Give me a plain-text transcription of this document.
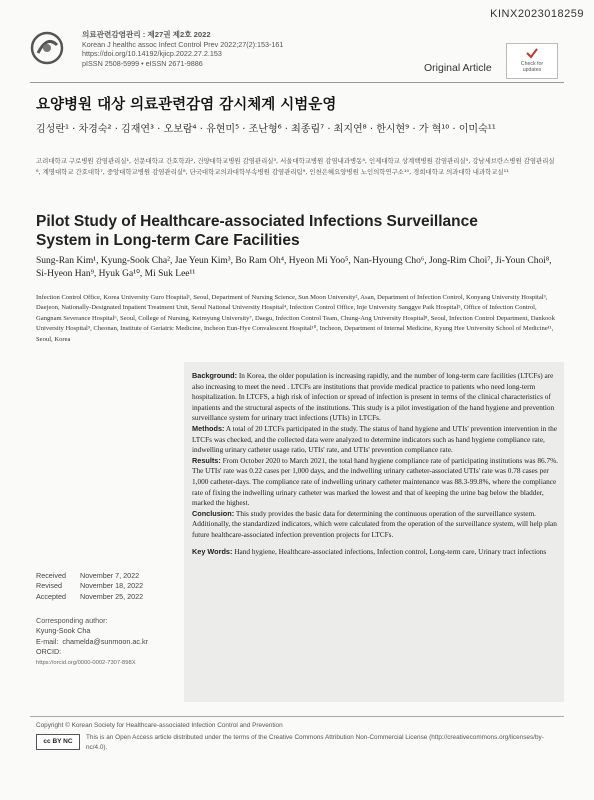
KINX2023018259
의료관련감염관리 : 제27권 제2호 2022
Korean J healthc assoc Infect Control Prev 2022;27(2):153-161
https://doi.org/10.14192/kjicp.2022.27.2.153
pISSN 2508-5999 • eISSN 2671-9886	Original Article	Check for
updates
요양병원 대상 의료관련감염 감시체계 시범운영
김성란¹ · 차경숙² · 김재연³ · 오보람⁴ · 유현미⁵ · 조난형⁶ · 최종림⁷ · 최지연⁸ · 한시현⁹ · 가 혁¹⁰ · 이미숙¹¹
고려대학교 구로병원 감염관리실¹, 선문대학교 간호학과², 건양대학교병원 감염관리실³, 서울대학교병원 감염내과병동⁴, 인제대학교 상계백병원 감염관리실⁵, 강남세브란스병원 감염관리실⁶, 계명대학교 간호대학⁷, 중앙대학교병원 감염관리실⁸, 단국대학교의과대학부속병원 감염관리팀⁹, 인천은혜요양병원 노인의학연구소¹⁰, 경희대학교 의과대학 내과학교실¹¹
Pilot Study of Healthcare-associated Infections Surveillance
System in Long-term Care Facilities
Sung-Ran Kim¹, Kyung-Sook Cha², Jae Yeun Kim³, Bo Ram Oh⁴, Hyeon Mi Yoo⁵, Nan-Hyoung Cho⁶, Jong-Rim Choi⁷, Ji-Youn Choi⁸, Si-Hyeon Han⁹, Hyuk Ga¹⁰, Mi Suk Lee¹¹
Infection Control Office, Korea University Guro Hospital¹, Seoul, Department of Nursing Science, Sun Moon University², Asan, Department of Infection Control, Konyang University Hospital³, Daejeon, Nationally-Designated Inpatient Treatment Unit, Seoul National University Hospital⁴, Infection Control Office, Inje University Sanggye Paik Hospital⁵, Office of Infection Control, Gangnam Severance Hospital⁶, Seoul, College of Nursing, Keimyung University⁷, Daegu, Infection Control Team, Chung-Ang University Hospital⁸, Seoul, Infection Control Department, Dankook University Hospital⁹, Cheonan, Institute of Geriatric Medicine, Incheon Eun-Hye Convalescent Hospital¹⁰, Incheon, Department of Internal Medicine, Kyung Hee University School of Medicine¹¹, Seoul, Korea

Background: In Korea, the older population is increasing rapidly, and the number of long-term care facilities (LTCFs) are also increasing to meet the need . LTCFs are institutions that provide medical practice to patients who need long-term hospitalization. In LTCFS, a high risk of infection or spread of infection is present in terms of the clinical characteristics of inpatients and the structural aspects of the institutions. This study is a pilot investigation of the hand hygiene and prevention surveillance system for urinary tract infections (UTIs) in LTCFs.

Methods: A total of 20 LTCFs participated in the study. The status of hand hygiene and UTIs' prevention intervention in the LTCFs was checked, and the collected data were analyzed to determine indicators such as hand hygiene compliance rate, indwelling urinary catheter usage ratio, UTIs' rate, and UTIs' prevention compliance rate.

Results: From October 2020 to March 2021, the total hand hygiene compliance rate of participating institutions was 86.7%. The UTIs' rate was 0.22 cases per 1,000 days, and the indwelling urinary catheter-associated UTIs' rate was 0.78 cases per 1,000 catheter-days. The compliance rate of indwelling urinary catheter maintenance was 88.3-99.8%, where the compliance rate of fixing the indwelling urinary catheter was marked the lowest and that of keeping the urine bag below the bladder, marked the highest.

Conclusion: This study provides the basic data for determining the continuous operation of the surveillance system. Additionally, the standardized indicators, which were calculated from the operation of the surveillance system, will help plan future healthcare-associated infection prevention projects for LTCFs.

Key Words: Hand hygiene, Healthcare-associated infections, Infection control, Long-term care, Urinary tract infections

Received November 7, 2022
Revised	November 18, 2022
Accepted November 25, 2022
Corresponding author:
Kyung-Sook Cha
E-mail: chamelda@sunmoon.ac.kr
ORCID:
https://orcid.org/0000-0002-7307-898X
Copyright © Korean Society for Healthcare-associated Infection Control and Prevention
cc BY NC
This is an Open Access article distributed under the terms of the Creative Commons Attribution Non-Commercial License (http://creativecommons.org/licenses/by-nc/4.0).
